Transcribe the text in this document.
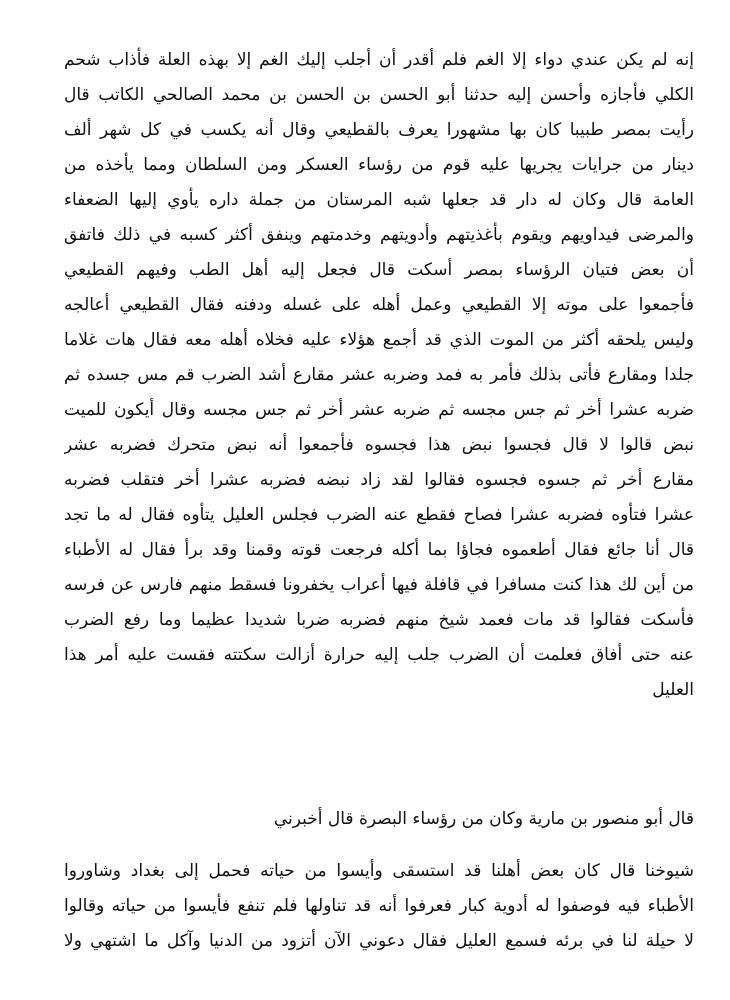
إنه لم يكن عندي دواء إلا الغم فلم أقدر أن أجلب إليك الغم إلا بهذه العلة فأذاب شحم
الكلي فأجازه وأحسن إليه حدثنا أبو الحسن بن الحسن بن محمد الصالحي الكاتب قال
رأيت بمصر طبيبا كان بها مشهورا يعرف بالقطيعي وقال أنه يكسب في كل شهر ألف
دينار من جرايات يجريها عليه قوم من رؤساء العسكر ومن السلطان ومما يأخذه من
العامة قال وكان له دار قد جعلها شبه المرستان من جملة داره يأوي إليها الضعفاء
والمرضى فيداويهم ويقوم بأغذيتهم وأدويتهم وخدمتهم وينفق أكثر كسبه في ذلك فاتفق
أن بعض فتيان الرؤساء بمصر أسكت قال فجعل إليه أهل الطب وفيهم القطيعي
فأجمعوا على موته إلا القطيعي وعمل أهله على غسله ودفنه فقال القطيعي أعالجه
وليس يلحقه أكثر من الموت الذي قد أجمع هؤلاء عليه فخلاه أهله معه فقال هات غلاما
جلدا ومقارع فأتى بذلك فأمر به فمد وضربه عشر مقارع أشد الضرب قم مس جسده ثم
ضربه عشرا أخر ثم جس مجسه ثم ضربه عشر أخر ثم جس مجسه وقال أيكون للميت
نبض قالوا لا قال فجسوا نبض هذا فجسوه فأجمعوا أنه نبض متحرك فضربه عشر
مقارع أخر ثم جسوه فجسوه فقالوا لقد زاد نبضه فضربه عشرا أخر فتقلب فضربه
عشرا فتأوه فضربه عشرا فصاح فقطع عنه الضرب فجلس العليل يتأوه فقال له ما تجد
قال أنا جائع فقال أطعموه فجاؤا بما أكله فرجعت قوته وقمنا وقد برأ فقال له الأطباء
من أين لك هذا كنت مسافرا في قافلة فيها أعراب يخفرونا فسقط منهم فارس عن فرسه
فأسكت فقالوا قد مات فعمد شيخ منهم فضربه ضربا شديدا عظيما وما رفع الضرب
عنه حتى أفاق فعلمت أن الضرب جلب إليه حرارة أزالت سكتته فقست عليه أمر هذا
العليل
قال أبو منصور بن مارية وكان من رؤساء البصرة قال أخبرني
شيوخنا قال كان بعض أهلنا قد استسقى وأيسوا من حياته فحمل إلى بغداد وشاوروا
الأطباء فيه فوصفوا له أدوية كبار فعرفوا أنه قد تناولها فلم تنفع فأيسوا من حياته وقالوا
لا حيلة لنا في برئه فسمع العليل فقال دعوني الآن أتزود من الدنيا وآكل ما اشتهي ولا
